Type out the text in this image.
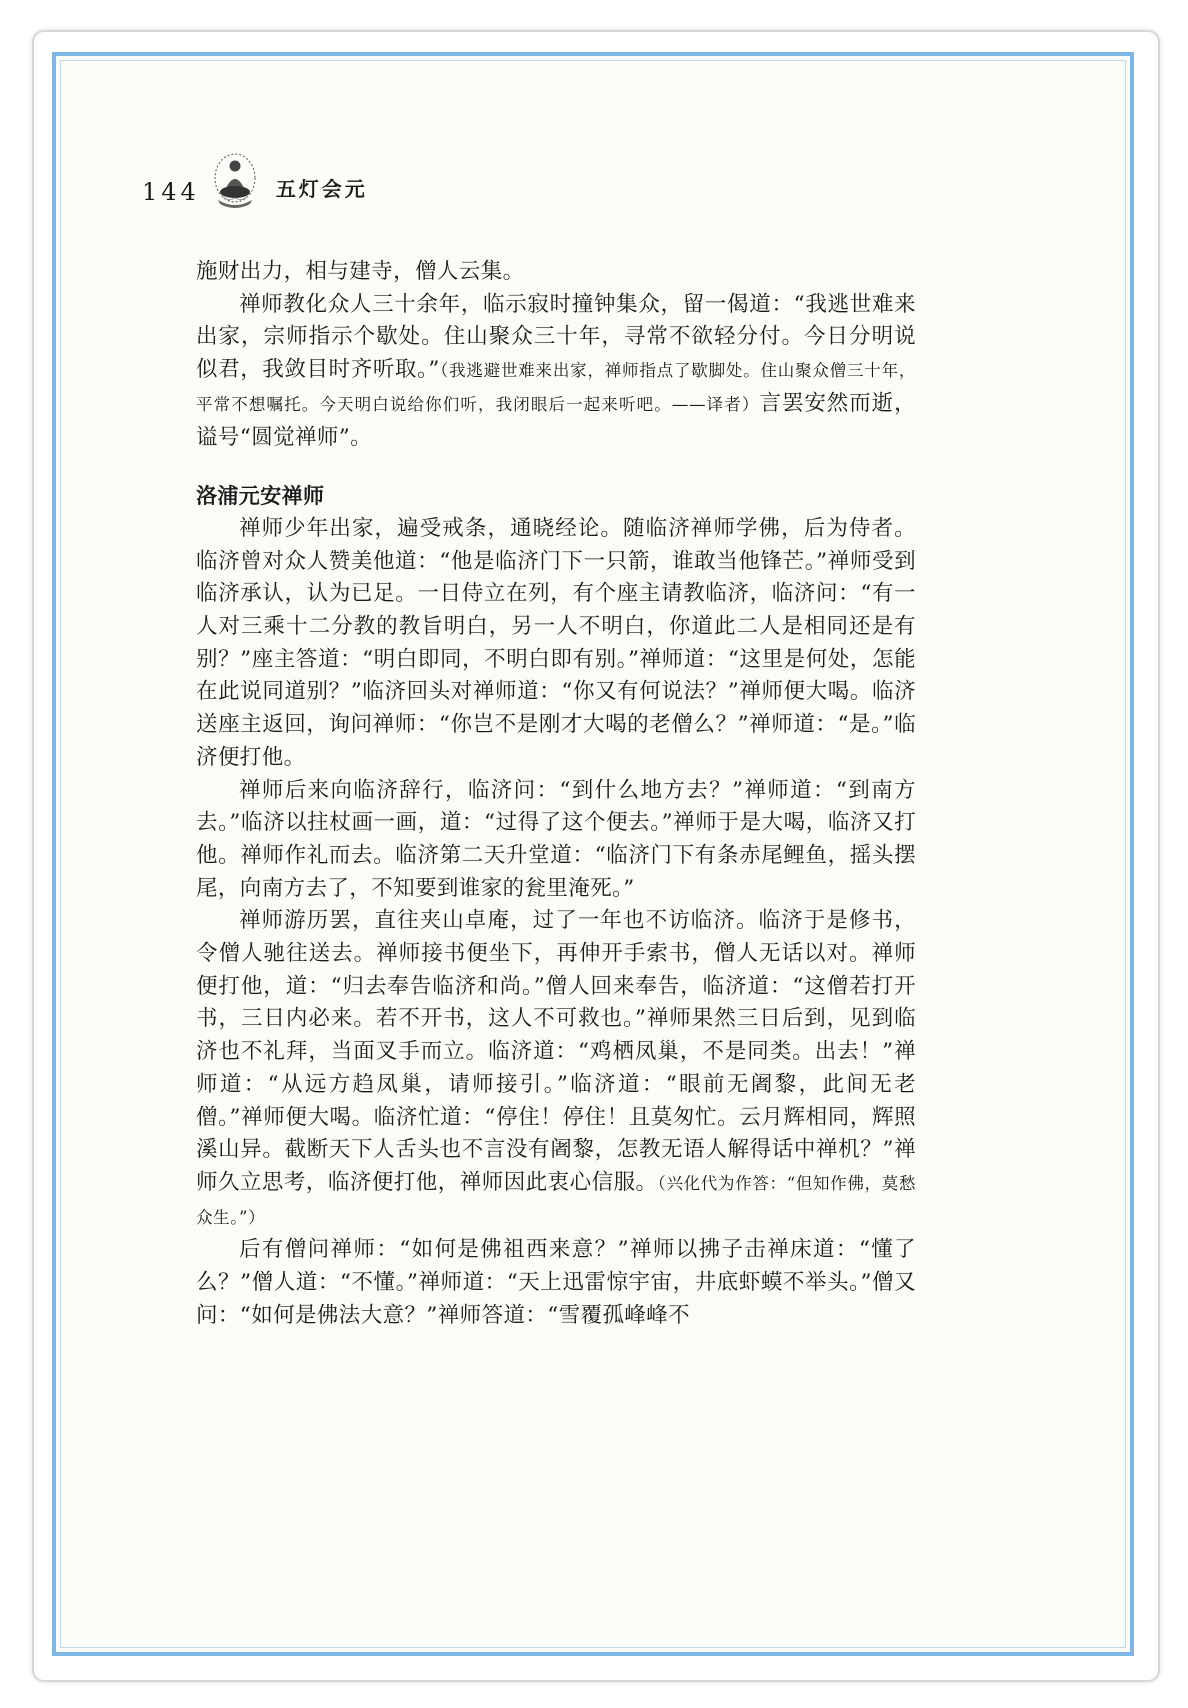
144	五灯会元

施财出力，相与建寺，僧人云集。

禅师教化众人三十余年，临示寂时撞钟集众，留一偈道：“我逃世难来出家，宗师指示个歇处。住山聚众三十年，寻常不欲轻分付。今日分明说似君，我敛目时齐听取。”（我逃避世难来出家，禅师指点了歇脚处。住山聚众僧三十年，平常不想嘱托。今天明白说给你们听，我闭眼后一起来听吧。——译者）言罢安然而逝，谥号“圆觉禅师”。

洛浦元安禅师

禅师少年出家，遍受戒条，通晓经论。随临济禅师学佛，后为侍者。临济曾对众人赞美他道：“他是临济门下一只箭，谁敢当他锋芒。”禅师受到临济承认，认为已足。一日侍立在列，有个座主请教临济，临济问：“有一人对三乘十二分教的教旨明白，另一人不明白，你道此二人是相同还是有别？”座主答道：“明白即同，不明白即有别。”禅师道：“这里是何处，怎能在此说同道别？”临济回头对禅师道：“你又有何说法？”禅师便大喝。临济送座主返回，询问禅师：“你岂不是刚才大喝的老僧么？”禅师道：“是。”临济便打他。

禅师后来向临济辞行，临济问：“到什么地方去？”禅师道：“到南方去。”临济以拄杖画一画，道：“过得了这个便去。”禅师于是大喝，临济又打他。禅师作礼而去。临济第二天升堂道：“临济门下有条赤尾鲤鱼，摇头摆尾，向南方去了，不知要到谁家的瓮里淹死。”

禅师游历罢，直往夹山卓庵，过了一年也不访临济。临济于是修书，令僧人驰往送去。禅师接书便坐下，再伸开手索书，僧人无话以对。禅师便打他，道：“归去奉告临济和尚。”僧人回来奉告，临济道：“这僧若打开书，三日内必来。若不开书，这人不可救也。”禅师果然三日后到，见到临济也不礼拜，当面叉手而立。临济道：“鸡栖凤巢，不是同类。出去！”禅师道：“从远方趋凤巢，请师接引。”临济道：“眼前无阇黎，此间无老僧。”禅师便大喝。临济忙道：“停住！停住！且莫匆忙。云月辉相同，辉照溪山异。截断天下人舌头也不言没有阇黎，怎教无语人解得话中禅机？”禅师久立思考，临济便打他，禅师因此衷心信服。（兴化代为作答：“但知作佛，莫愁众生。”）

后有僧问禅师：“如何是佛祖西来意？”禅师以拂子击禅床道：“懂了么？”僧人道：“不懂。”禅师道：“天上迅雷惊宇宙，井底虾蟆不举头。”僧又问：“如何是佛法大意？”禅师答道：“雪覆孤峰峰不
